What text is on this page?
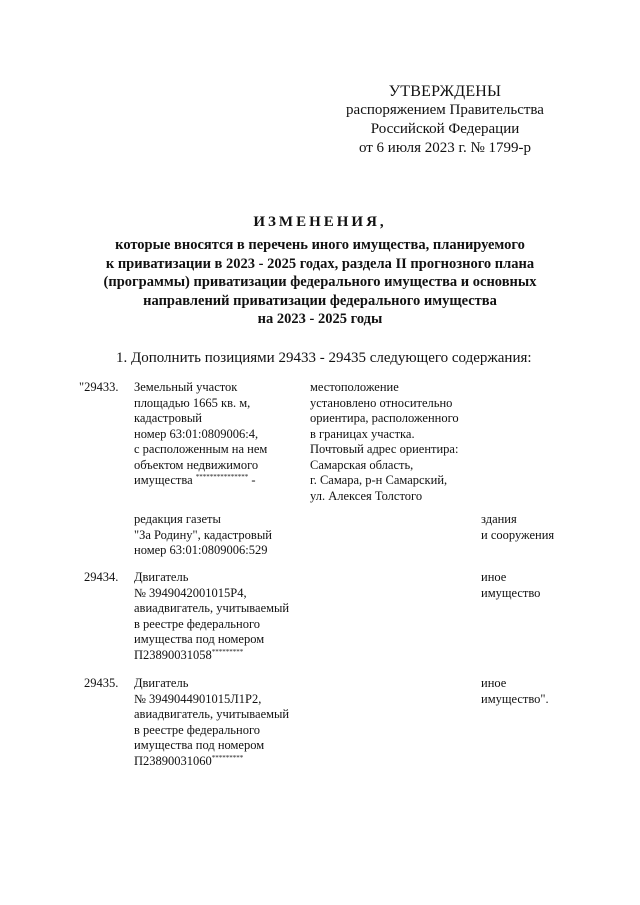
УТВЕРЖДЕНЫ
распоряжением Правительства
Российской Федерации
от 6 июля 2023 г. № 1799-р
ИЗМЕНЕНИЯ,
которые вносятся в перечень иного имущества, планируемого
к приватизации в 2023 - 2025 годах, раздела II прогнозного плана
(программы) приватизации федерального имущества и основных
направлений приватизации федерального имущества
на 2023 - 2025 годы
1. Дополнить позициями 29433 - 29435 следующего содержания:
"29433. Земельный участок
площадью 1665 кв. м,
кадастровый
номер 63:01:0809006:4,
с расположенным на нем
объектом недвижимого
имущества *************** -
местоположение
установлено относительно
ориентира, расположенного
в границах участка.
Почтовый адрес ориентира:
Самарская область,
г. Самара, р-н Самарский,
ул. Алексея Толстого
редакция газеты
"За Родину", кадастровый
номер 63:01:0809006:529
здания
и сооружения
29434. Двигатель
№ 3949042001015Р4,
авиадвигатель, учитываемый
в реестре федерального
имущества под номером
П23890031058*********
иное
имущество
29435. Двигатель
№ 3949044901015Л1Р2,
авиадвигатель, учитываемый
в реестре федерального
имущества под номером
П23890031060*********
иное
имущество".
